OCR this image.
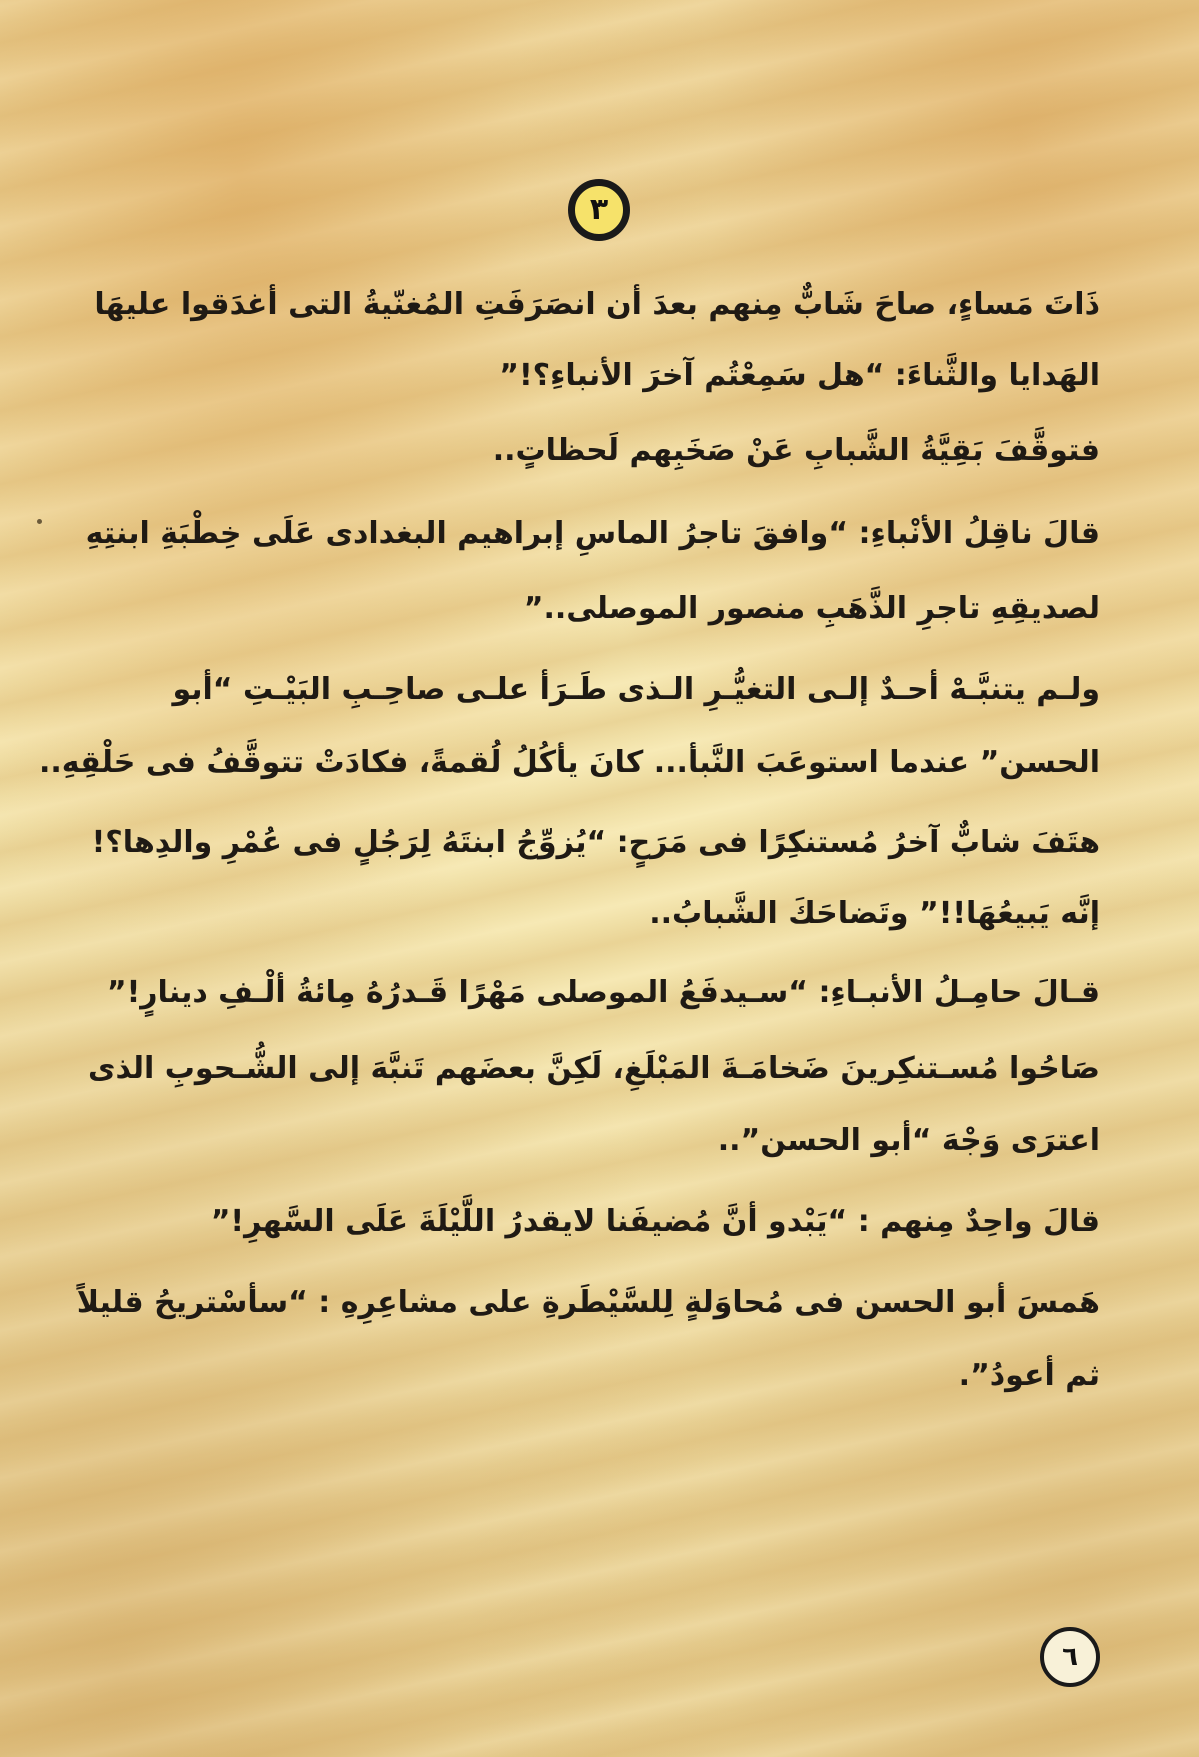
٣
ذَاتَ مَساءٍ، صاحَ شَابٌّ مِنهم بعدَ أن انصَرَفَتِ المُغنّيةُ التى أغدَقوا عليهَا
الهَدايا والثَّناءَ: “هل سَمِعْتُم آخرَ الأنباءِ؟!”
فتوقَّفَ بَقِيَّةُ الشَّبابِ عَنْ صَخَبِهم لَحظاتٍ..
قالَ ناقِلُ الأنْباءِ: “وافقَ تاجرُ الماسِ إبراهيم البغدادى عَلَى خِطْبَةِ ابنتِهِ
لصديقِهِ تاجرِ الذَّهَبِ منصور الموصلى..”
ولـم يتنبَّـهْ أحـدٌ إلـى التغيُّـرِ الـذى طَـرَأ علـى صاحِـبِ البَيْـتِ “أبو
الحسن” عندما استوعَبَ النَّبأ... كانَ يأكُلُ لُقمةً، فكادَتْ تتوقَّفُ فى حَلْقِهِ..
هتَفَ شابٌّ آخرُ مُستنكِرًا فى مَرَحٍ: “يُزوِّجُ ابنتَهُ لِرَجُلٍ فى عُمْرِ والدِها؟!
إنَّه يَبيعُهَا!!” وتَضاحَكَ الشَّبابُ..
قـالَ حامِـلُ الأنبـاءِ: “سـيدفَعُ الموصلى مَهْرًا قَـدرُهُ مِائةُ ألْـفِ دينارٍ!”
صَاحُوا مُسـتنكِرينَ ضَخامَـةَ المَبْلَغِ، لَكِنَّ بعضَهم تَنبَّهَ إلى الشُّـحوبِ الذى
اعترَى وَجْهَ “أبو الحسن”..
قالَ واحِدٌ مِنهم : “يَبْدو أنَّ مُضيفَنا لايقدرُ اللَّيْلَةَ عَلَى السَّهرِ!”
هَمسَ أبو الحسن فى مُحاوَلةٍ لِلسَّيْطَرةِ على مشاعِرِهِ : “سأسْتريحُ قليلاً
ثم أعودُ”.
٦
